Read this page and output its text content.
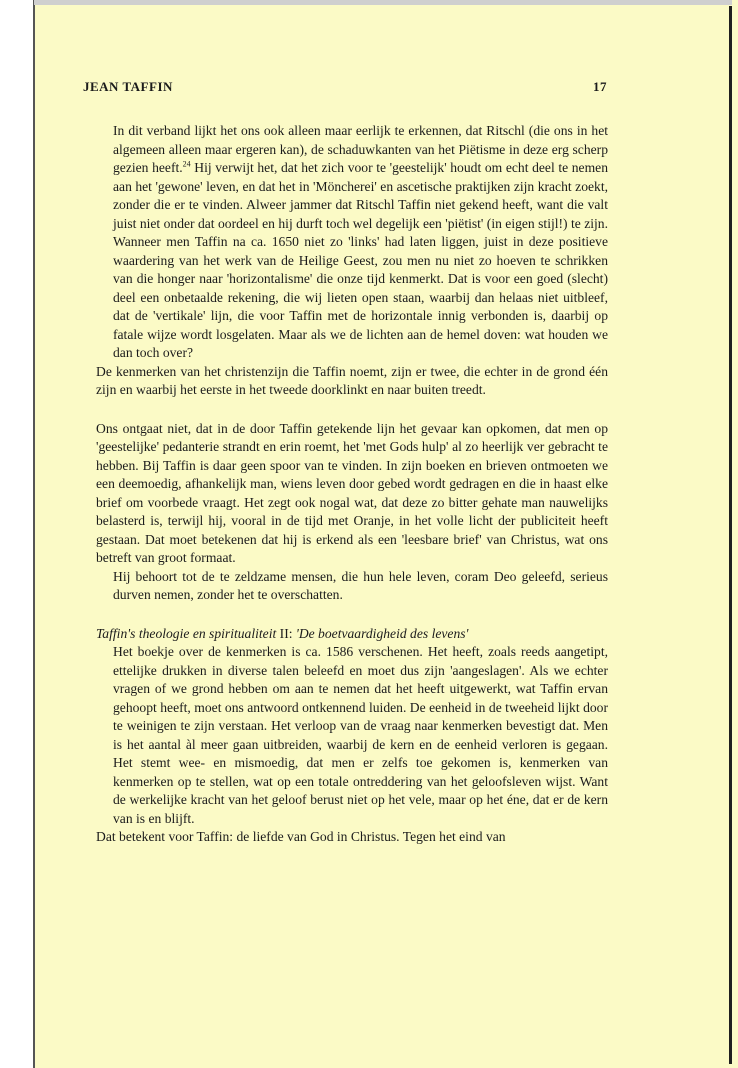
JEAN TAFFIN	17

In dit verband lijkt het ons ook alleen maar eerlijk te erkennen, dat Ritschl (die ons in het algemeen alleen maar ergeren kan), de schaduwkanten van het Piëtisme in deze erg scherp gezien heeft.$^{24}$ Hij verwijt het, dat het zich voor te 'geestelijk' houdt om echt deel te nemen aan het 'gewone' leven, en dat het in 'Möncherei' en ascetische praktijken zijn kracht zoekt, zonder die er te vinden. Alweer jammer dat Ritschl Taffin niet gekend heeft, want die valt juist niet onder dat oordeel en hij durft toch wel degelijk een 'piëtist' (in eigen stijl!) te zijn. Wanneer men Taffin na ca. 1650 niet zo 'links' had laten liggen, juist in deze positieve waardering van het werk van de Heilige Geest, zou men nu niet zo hoeven te schrikken van die honger naar 'horizontalisme' die onze tijd kenmerkt. Dat is voor een goed (slecht) deel een onbetaalde rekening, die wij lieten open staan, waarbij dan helaas niet uitbleef, dat de 'vertikale' lijn, die voor Taffin met de horizontale innig verbonden is, daarbij op fatale wijze wordt losgelaten. Maar als we de lichten aan de hemel doven: wat houden we dan toch over?

De kenmerken van het christenzijn die Taffin noemt, zijn er twee, die echter in de grond één zijn en waarbij het eerste in het tweede doorklinkt en naar buiten treedt.

Ons ontgaat niet, dat in de door Taffin getekende lijn het gevaar kan opkomen, dat men op 'geestelijke' pedanterie strandt en erin roemt, het 'met Gods hulp' al zo heerlijk ver gebracht te hebben. Bij Taffin is daar geen spoor van te vinden. In zijn boeken en brieven ontmoeten we een deemoedig, afhankelijk man, wiens leven door gebed wordt gedragen en die in haast elke brief om voorbede vraagt. Het zegt ook nogal wat, dat deze zo bitter gehate man nauwelijks belasterd is, terwijl hij, vooral in de tijd met Oranje, in het volle licht der publiciteit heeft gestaan. Dat moet betekenen dat hij is erkend als een 'leesbare brief' van Christus, wat ons betreft van groot formaat.

Hij behoort tot de te zeldzame mensen, die hun hele leven, coram Deo geleefd, serieus durven nemen, zonder het te overschatten.

Taffin's theologie en spiritualiteit II: 'De boetvaardigheid des levens'

Het boekje over de kenmerken is ca. 1586 verschenen. Het heeft, zoals reeds aangetipt, ettelijke drukken in diverse talen beleefd en moet dus zijn 'aangeslagen'. Als we echter vragen of we grond hebben om aan te nemen dat het heeft uitgewerkt, wat Taffin ervan gehoopt heeft, moet ons antwoord ontkennend luiden. De eenheid in de tweeheid lijkt door te weinigen te zijn verstaan. Het verloop van de vraag naar kenmerken bevestigt dat. Men is het aantal àl meer gaan uitbreiden, waarbij de kern en de eenheid verloren is gegaan. Het stemt wee- en mismoedig, dat men er zelfs toe gekomen is, kenmerken van kenmerken op te stellen, wat op een totale ontreddering van het geloofsleven wijst. Want de werkelijke kracht van het geloof berust niet op het vele, maar op het éne, dat er de kern van is en blijft.

Dat betekent voor Taffin: de liefde van God in Christus. Tegen het eind van
